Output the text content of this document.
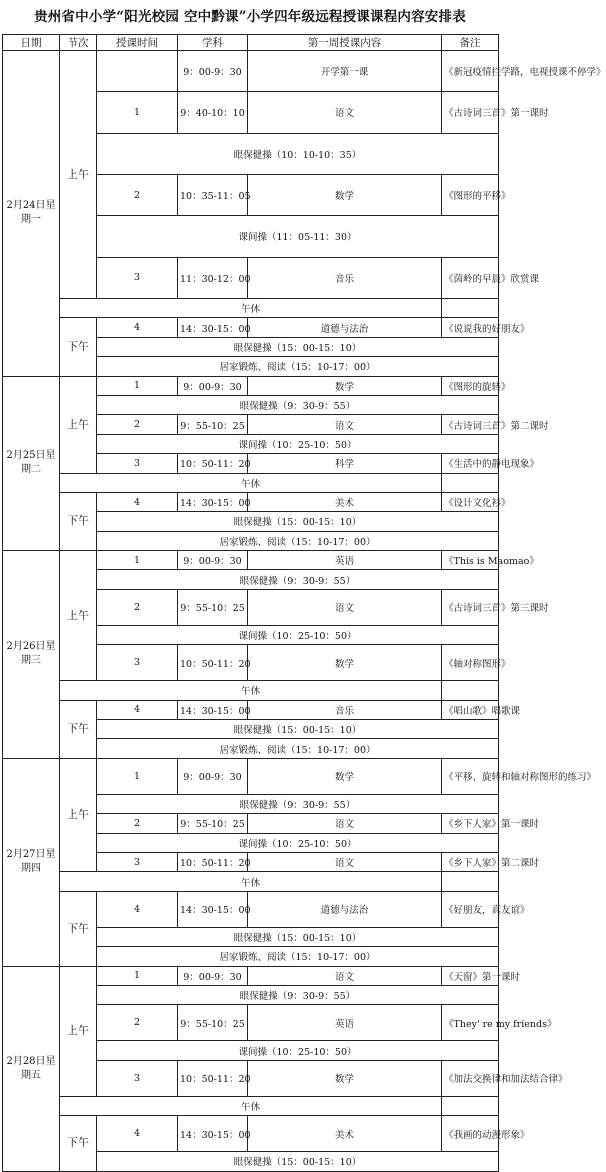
贵州省中小学“阳光校园 空中黔课”小学四年级远程授课课程内容安排表
日期	节次	授课时间	学科	第一周授课内容	备注	
2月24日星期一	上午		9：00-9：30	开学第一课	《新冠疫情拦学路，电视授课不停学》	
		1	9：40-10：10	语文	《古诗词三首》第一课时	
		眼保健操（10：10-10：35）				
		2	10：35-11：05	数学	《图形的平移》	
		课间操（11：05-11：30）				
		3	11：30-12：00	音乐	《茵岭的早晨》欣赏课	
	午休					
	下午	4	14：30-15：00	道德与法治	《说说我的好朋友》	
		眼保健操（15：00-15：10）				
		居家锻炼、阅读（15：10-17：00）				
2月25日星期二	上午	1	9：00-9：30	数学	《图形的旋转》	
		眼保健操（9：30-9：55）				
		2	9：55-10：25	语文	《古诗词三首》第二课时	
		课间操（10：25-10：50）				
		3	10：50-11：20	科学	《生活中的静电现象》	
	午休					
	下午	4	14：30-15：00	美术	《设计文化衫》	
		眼保健操（15：00-15：10）				
		居家锻炼、阅读（15：10-17：00）				
2月26日星期三	上午	1	9：00-9：30	英语	《This is Maomao》	
		眼保健操（9：30-9：55）				
		2	9：55-10：25	语文	《古诗词三首》第三课时	
		课间操（10：25-10：50）				
		3	10：50-11：20	数学	《轴对称图形》	
	午休					
	下午	4	14：30-15：00	音乐	《唱山歌》唱歌课	
		眼保健操（15：00-15：10）				
		居家锻炼、阅读（15：10-17：00）				
2月27日星期四	上午	1	9：00-9：30	数学	《平移、旋转和轴对称图形的练习》	
		眼保健操（9：30-9：55）				
		2	9：55-10：25	语文	《乡下人家》第一课时	
		课间操（10：25-10：50）				
		3	10：50-11：20	语文	《乡下人家》第二课时	
	午休					
	下午	4	14：30-15：00	道德与法治	《好朋友，真友谊》	
		眼保健操（15：00-15：10）				
		居家锻炼、阅读（15：10-17：00）				
2月28日星期五	上午	1	9：00-9：30	语文	《天窗》第一课时	
		眼保健操（9：30-9：55）				
		2	9：55-10：25	英语	《They' re my friends》	
		课间操（10：25-10：50）				
		3	10：50-11：20	数学	《加法交换律和加法结合律》	
	午休					
	下午	4	14：30-15：00	美术	《我画的动漫形象》	
		眼保健操（15：00-15：10）				
